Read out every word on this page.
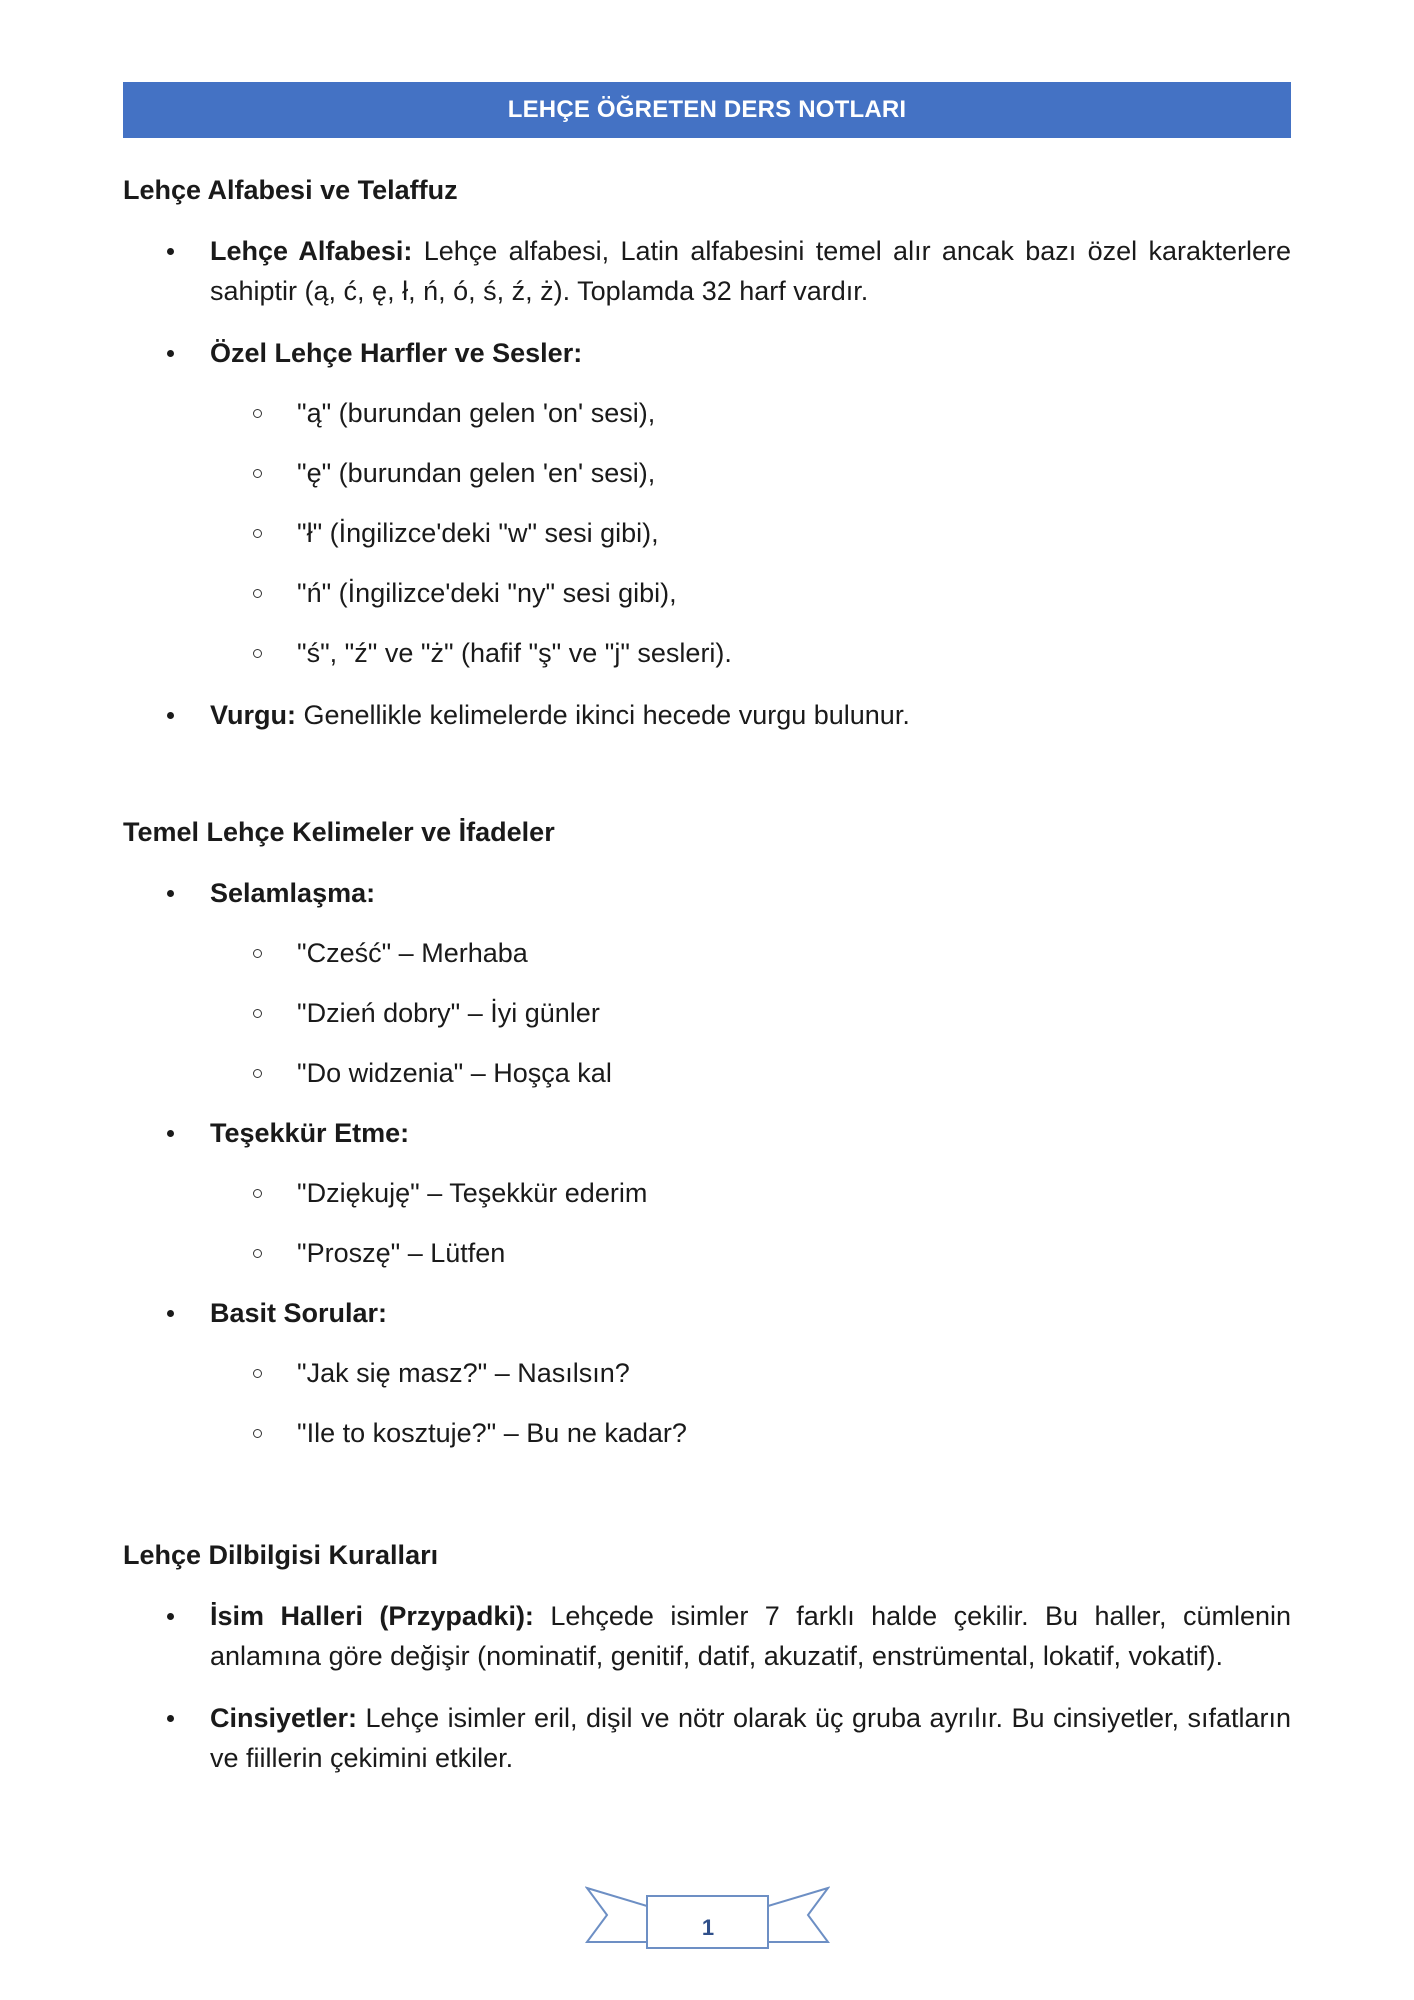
LEHÇE ÖĞRETEN DERS NOTLARI
Lehçe Alfabesi ve Telaffuz
Lehçe Alfabesi: Lehçe alfabesi, Latin alfabesini temel alır ancak bazı özel karakterlere sahiptir (ą, ć, ę, ł, ń, ó, ś, ź, ż). Toplamda 32 harf vardır.
Özel Lehçe Harfler ve Sesler:
"ą" (burundan gelen 'on' sesi),
"ę" (burundan gelen 'en' sesi),
"ł" (İngilizce'deki "w" sesi gibi),
"ń" (İngilizce'deki "ny" sesi gibi),
"ś", "ź" ve "ż" (hafif "ş" ve "j" sesleri).
Vurgu: Genellikle kelimelerde ikinci hecede vurgu bulunur.
Temel Lehçe Kelimeler ve İfadeler
Selamlaşma:
"Cześć" – Merhaba
"Dzień dobry" – İyi günler
"Do widzenia" – Hoşça kal
Teşekkür Etme:
"Dziękuję" – Teşekkür ederim
"Proszę" – Lütfen
Basit Sorular:
"Jak się masz?" – Nasılsın?
"Ile to kosztuje?" – Bu ne kadar?
Lehçe Dilbilgisi Kuralları
İsim Halleri (Przypadki): Lehçede isimler 7 farklı halde çekilir. Bu haller, cümlenin anlamına göre değişir (nominatif, genitif, datif, akuzatif, enstrümental, lokatif, vokatif).
Cinsiyetler: Lehçe isimler eril, dişil ve nötr olarak üç gruba ayrılır. Bu cinsiyetler, sıfatların ve fiillerin çekimini etkiler.
1
